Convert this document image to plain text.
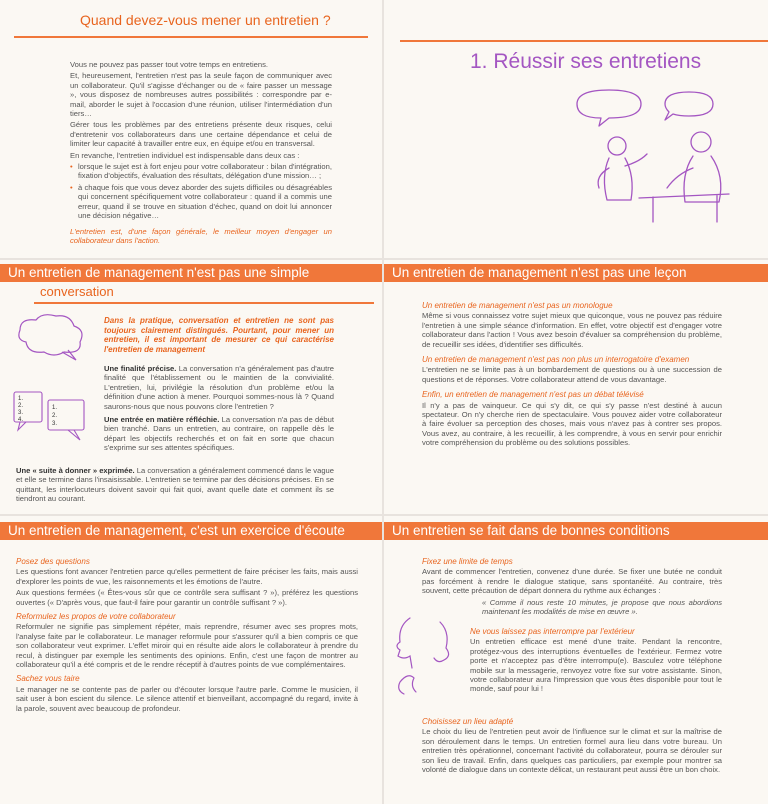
Quand devez-vous mener un entretien ?

Vous ne pouvez pas passer tout votre temps en entretiens.

Et, heureusement, l'entretien n'est pas la seule façon de communiquer avec un collaborateur. Qu'il s'agisse d'échanger ou de « faire passer un message », vous disposez de nombreuses autres possibilités : correspondre par e-mail, aborder le sujet à l'occasion d'une réunion, utiliser l'intermédiation d'un tiers…

Gérer tous les problèmes par des entretiens présente deux risques, celui d'entretenir vos collaborateurs dans une certaine dépendance et celui de limiter leur capacité à travailler entre eux, en équipe et/ou en transversal.

En revanche, l'entretien individuel est indispensable dans deux cas :

• lorsque le sujet est à fort enjeu pour votre collaborateur : bilan d'intégration, fixation d'objectifs, évaluation des résultats, délégation d'une mission… ;
• à chaque fois que vous devez aborder des sujets difficiles ou désagréables qui concernent spécifiquement votre collaborateur : quand il a commis une erreur, quand il se trouve en situation d'échec, quand on doit lui annoncer une décision négative…

L'entretien est, d'une façon générale, le meilleur moyen d'engager un collaborateur dans l'action.

1. Réussir ses entretiens
Un entretien de management n'est pas une simple
conversation
Dans la pratique, conversation et entretien ne sont pas toujours clairement distingués. Pourtant, pour mener un entretien, il est important de mesurer ce qui caractérise l'entretien de management
1.
2.
3.
4.
1.
2.
3.

Une finalité précise. La conversation n'a généralement pas d'autre finalité que l'établissement ou le maintien de la convivialité. L'entretien, lui, privilégie la résolution d'un problème et/ou la définition d'une action à mener. Pourquoi sommes-nous là ? Quand saurons-nous que nous pouvons clore l'entretien ?

Une entrée en matière réfléchie. La conversation n'a pas de début bien tranché. Dans un entretien, au contraire, on rappelle dès le départ les objectifs recherchés et on fait en sorte que chacun s'exprime sur ses attentes spécifiques.

Une « suite à donner » exprimée. La conversation a généralement commencé dans le vague et elle se termine dans l'insaisissable. L'entretien se termine par des décisions précises. En se quittant, les interlocuteurs doivent savoir qui fait quoi, avant quelle date et comment ils se tiendront au courant.

Un entretien de management n'est pas une leçon
Un entretien de management n'est pas un monologue

Même si vous connaissez votre sujet mieux que quiconque, vous ne pouvez pas réduire l'entretien à une simple séance d'information. En effet, votre objectif est d'engager votre collaborateur dans l'action ! Vous avez besoin d'évaluer sa compréhension du problème, de recueillir ses idées, d'identifier ses difficultés.

Un entretien de management n'est pas non plus un interrogatoire d'examen

L'entretien ne se limite pas à un bombardement de questions ou à une succession de questions et de réponses. Votre collaborateur attend de vous davantage.

Enfin, un entretien de management n'est pas un débat télévisé

Il n'y a pas de vainqueur. Ce qui s'y dit, ce qui s'y passe n'est destiné à aucun spectateur. On n'y cherche rien de spectaculaire. Vous pouvez aider votre collaborateur à faire évoluer sa perception des choses, mais vous n'avez pas à contrer ses propos. Vous avez, au contraire, à les recueillir, à les comprendre, à vous en servir pour enrichir votre compréhension du problème ou des solutions possibles.

Un entretien de management, c'est un exercice d'écoute
Posez des questions

Les questions font avancer l'entretien parce qu'elles permettent de faire préciser les faits, mais aussi d'explorer les points de vue, les raisonnements et les émotions de l'autre.

Aux questions fermées (« Êtes-vous sûr que ce contrôle sera suffisant ? »), préférez les questions ouvertes (« D'après vous, que faut-il faire pour garantir un contrôle suffisant ? »).

Reformulez les propos de votre collaborateur

Reformuler ne signifie pas simplement répéter, mais reprendre, résumer avec ses propres mots, l'analyse faite par le collaborateur. Le manager reformule pour s'assurer qu'il a bien compris ce que son collaborateur veut exprimer. L'effet miroir qui en résulte aide alors le collaborateur à prendre du recul, à distinguer par exemple les sentiments des opinions. Enfin, c'est une façon de montrer au collaborateur qu'il a été compris et de le rendre réceptif à d'autres points de vue complémentaires.

Sachez vous taire

Le manager ne se contente pas de parler ou d'écouter lorsque l'autre parle. Comme le musicien, il sait user à bon escient du silence. Le silence attentif et bienveillant, accompagné du regard, invite à la parole, souvent avec beaucoup de profondeur.

Un entretien se fait dans de bonnes conditions
Fixez une limite de temps

Avant de commencer l'entretien, convenez d'une durée. Se fixer une butée ne conduit pas forcément à rendre le dialogue statique, sans spontanéité. Au contraire, très souvent, cette précaution de départ donnera du rythme aux échanges :

« Comme il nous reste 10 minutes, je propose que nous abordions maintenant les modalités de mise en œuvre ».

Ne vous laissez pas interrompre par l'extérieur

Un entretien efficace est mené d'une traite. Pendant la rencontre, protégez-vous des interruptions éventuelles de l'extérieur. Fermez votre porte et n'acceptez pas d'être interrompu(e). Basculez votre téléphone mobile sur la messagerie, renvoyez votre fixe sur votre assistante. Sinon, votre collaborateur aura l'impression que vous êtes disponible pour tout le monde, sauf pour lui !

Choisissez un lieu adapté

Le choix du lieu de l'entretien peut avoir de l'influence sur le climat et sur la maîtrise de son déroulement dans le temps. Un entretien formel aura lieu dans votre bureau. Un entretien très opérationnel, concernant l'activité du collaborateur, pourra se dérouler sur son lieu de travail. Enfin, dans quelques cas particuliers, par exemple pour montrer sa volonté de dialogue dans un contexte délicat, un restaurant peut aussi être un bon choix.
